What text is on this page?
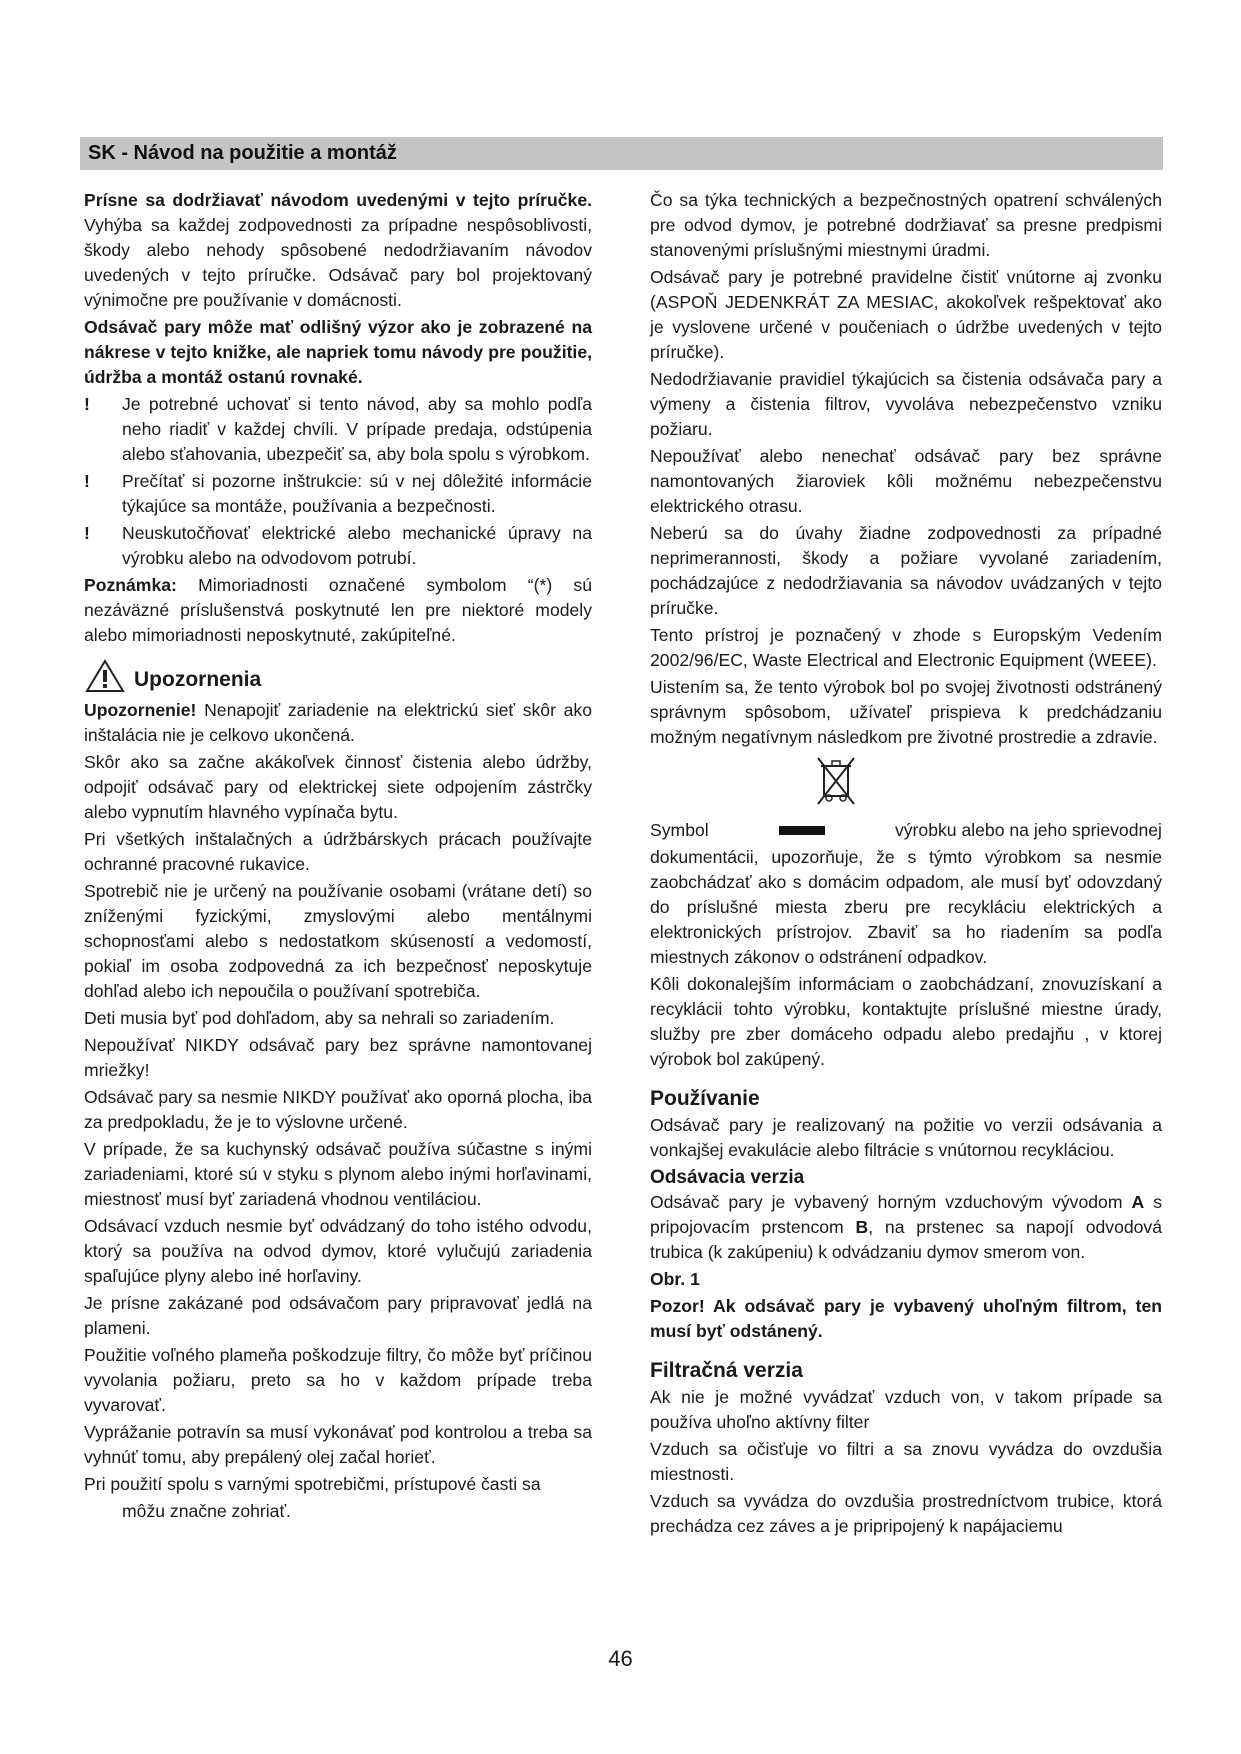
SK - Návod na použitie a montáž

Prísne sa dodržiavať návodom uvedenými v tejto príručke. Vyhýba sa každej zodpovednosti za prípadne nespôsoblivosti, škody alebo nehody spôsobené nedodržiavaním návodov uvedených v tejto príručke. Odsávač pary bol projektovaný výnimočne pre používanie v domácnosti.

Odsávač pary môže mať odlišný výzor ako je zobrazené na nákrese v tejto knižke, ale napriek tomu návody pre použitie, údržba a montáž ostanú rovnaké.

! Je potrebné uchovať si tento návod, aby sa mohlo podľa neho riadiť v každej chvíli. V prípade predaja, odstúpenia alebo sťahovania, ubezpečiť sa, aby bola spolu s výrobkom.
! Prečítať si pozorne inštrukcie: sú v nej dôležité informácie týkajúce sa montáže, používania a bezpečnosti.
! Neuskutočňovať elektrické alebo mechanické úpravy na výrobku alebo na odvodovom potrubí.

Poznámka: Mimoriadnosti označené symbolom “(*) sú nezáväzné príslušenstvá poskytnuté len pre niektoré modely alebo mimoriadnosti neposkytnuté, zakúpiteľné.

Upozornenia

Upozornenie! Nenapojiť zariadenie na elektrickú sieť skôr ako inštalácia nie je celkovo ukončená.

Skôr ako sa začne akákoľvek činnosť čistenia alebo údržby, odpojiť odsávač pary od elektrickej siete odpojením zástrčky alebo vypnutím hlavného vypínača bytu.

Pri všetkých inštalačných a údržbárskych prácach používajte ochranné pracovné rukavice.

Spotrebič nie je určený na používanie osobami (vrátane detí) so zníženými fyzickými, zmyslovými alebo mentálnymi schopnosťami alebo s nedostatkom skúseností a vedomostí, pokiaľ im osoba zodpovedná za ich bezpečnosť neposkytuje dohľad alebo ich nepoučila o používaní spotrebiča.

Deti musia byť pod dohľadom, aby sa nehrali so zariadením.

Nepoužívať NIKDY odsávač pary bez správne namontovanej mriežky!

Odsávač pary sa nesmie NIKDY používať ako oporná plocha, iba za predpokladu, že je to výslovne určené.

V prípade, že sa kuchynský odsávač používa súčastne s inými zariadeniami, ktoré sú v styku s plynom alebo inými horľavinami, miestnosť musí byť zariadená vhodnou ventiláciou.

Odsávací vzduch nesmie byť odvádzaný do toho istého odvodu, ktorý sa používa na odvod dymov, ktoré vylučujú zariadenia spaľujúce plyny alebo iné horľaviny.

Je prísne zakázané pod odsávačom pary pripravovať jedlá na plameni.

Použitie voľného plameňa poškodzuje filtry, čo môže byť príčinou vyvolania požiaru, preto sa ho v každom prípade treba vyvarovať.

Vyprážanie potravín sa musí vykonávať pod kontrolou a treba sa vyhnúť tomu, aby prepálený olej začal horieť.

Pri použití spolu s varnými spotrebičmi, prístupové časti sa

môžu značne zohriať.

Čo sa týka technických a bezpečnostných opatrení schválených pre odvod dymov, je potrebné dodržiavať sa presne predpismi stanovenými príslušnými miestnymi úradmi.

Odsávač pary je potrebné pravidelne čistiť vnútorne aj zvonku (ASPOŇ JEDENKRÁT ZA MESIAC, akokoľvek rešpektovať ako je vyslovene určené v poučeniach o údržbe uvedených v tejto príručke).

Nedodržiavanie pravidiel týkajúcich sa čistenia odsávača pary a výmeny a čistenia filtrov, vyvoláva nebezpečenstvo vzniku požiaru.

Nepoužívať alebo nenechať odsávač pary bez správne namontovaných žiaroviek kôli možnému nebezpečenstvu elektrického otrasu.

Neberú sa do úvahy žiadne zodpovednosti za prípadné neprimerannosti, škody a požiare vyvolané zariadením, pochádzajúce z nedodržiavania sa návodov uvádzaných v tejto príručke.

Tento prístroj je poznačený v zhode s Europským Vedením 2002/96/EC, Waste Electrical and Electronic Equipment (WEEE).

Uistením sa, že tento výrobok bol po svojej životnosti odstránený správnym spôsobom, užívateľ prispieva k predchádzaniu možným negatívnym následkom pre životné prostredie a zdravie.

Symbol	výrobku alebo na jeho sprievodnej

dokumentácii, upozorňuje, že s týmto výrobkom sa nesmie zaobchádzať ako s domácim odpadom, ale musí byť odovzdaný do príslušné miesta zberu pre recykláciu elektrických a elektronických prístrojov. Zbaviť sa ho riadením sa podľa miestnych zákonov o odstránení odpadkov.

Kôli dokonalejším informáciam o zaobchádzaní, znovuzískaní a recyklácii tohto výrobku, kontaktujte príslušné miestne úrady, služby pre zber domáceho odpadu alebo predajňu , v ktorej výrobok bol zakúpený.

Používanie

Odsávač pary je realizovaný na požitie vo verzii odsávania a vonkajšej evakulácie alebo filtrácie s vnútornou recykláciou.

Odsávacia verzia

Odsávač pary je vybavený horným vzduchovým vývodom A s pripojovacím prstencom B, na prstenec sa napojí odvodová trubica (k zakúpeniu) k odvádzaniu dymov smerom von.

Obr. 1

Pozor! Ak odsávač pary je vybavený uhoľným filtrom, ten musí byť odstánený.

Filtračná verzia

Ak nie je možné vyvádzať vzduch von, v takom prípade sa používa uhoľno aktívny filter

Vzduch sa očisťuje vo filtri a sa znovu vyvádza do ovzdušia miestnosti.

Vzduch sa vyvádza do ovzdušia prostredníctvom trubice, ktorá prechádza cez záves a je pripripojený k napájaciemu

46
